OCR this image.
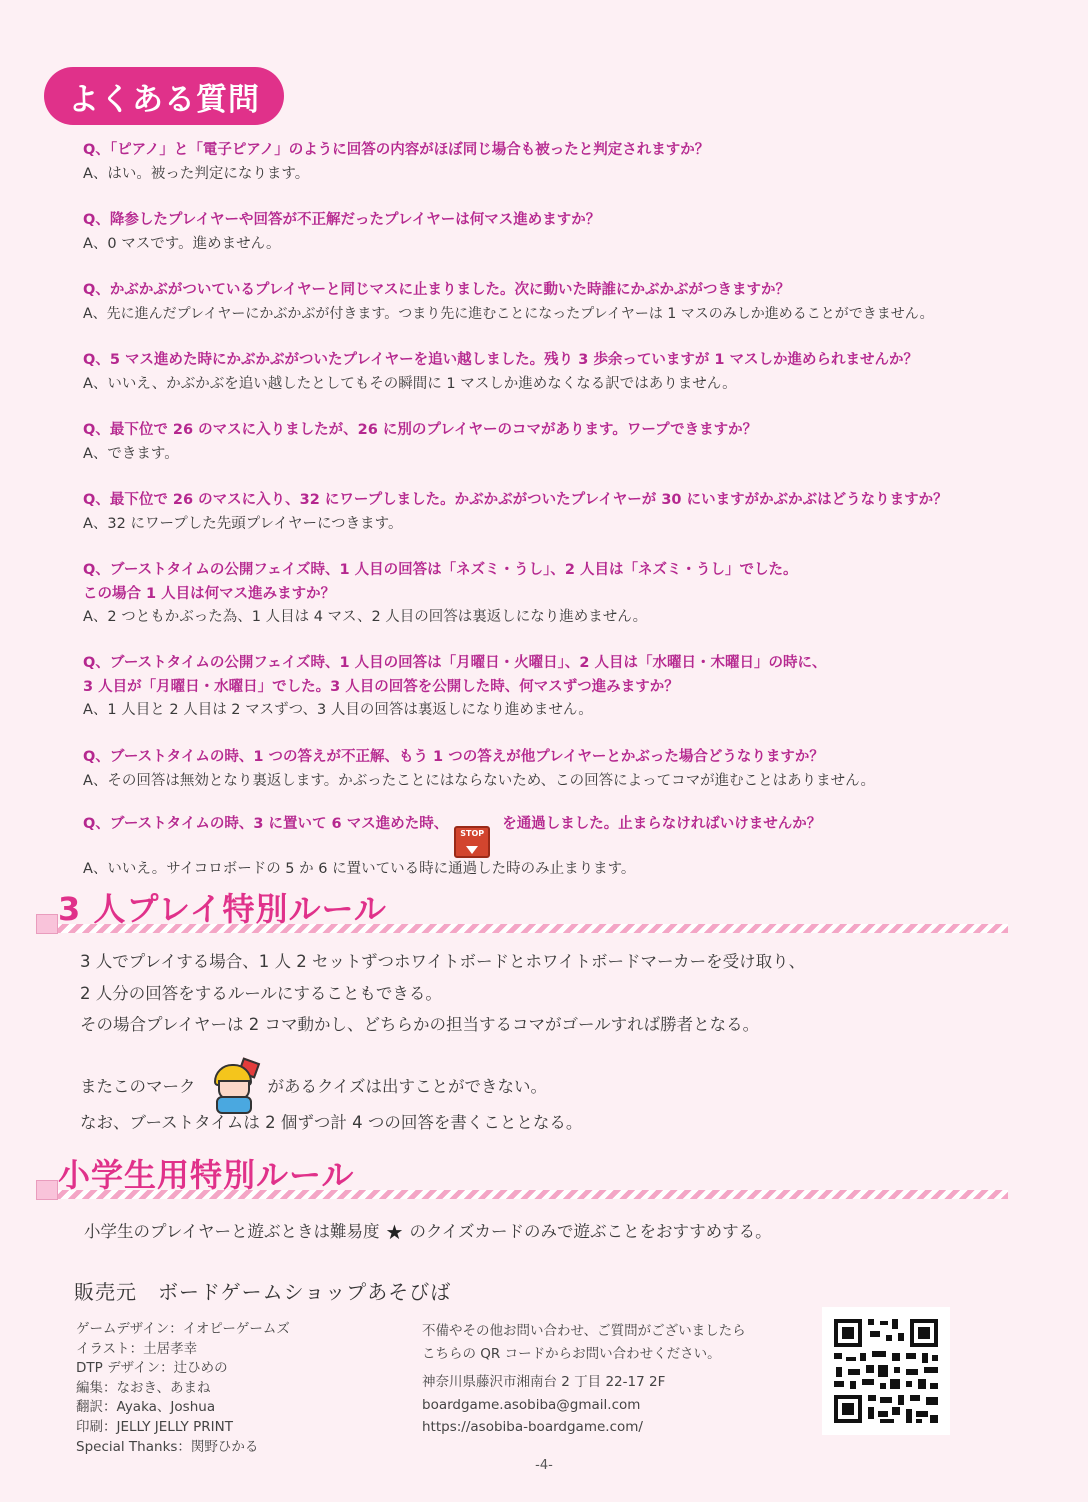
よくある質問
Q、「ピアノ」と「電子ピアノ」のように回答の内容がほぼ同じ場合も被ったと判定されますか？
A、はい。被った判定になります。
Q、降参したプレイヤーや回答が不正解だったプレイヤーは何マス進めますか？
A、0 マスです。進めません。
Q、かぶかぶがついているプレイヤーと同じマスに止まりました。次に動いた時誰にかぶかぶがつきますか？
A、先に進んだプレイヤーにかぶかぶが付きます。つまり先に進むことになったプレイヤーは 1 マスのみしか進めることができません。
Q、5 マス進めた時にかぶかぶがついたプレイヤーを追い越しました。残り 3 歩余っていますが 1 マスしか進められませんか？
A、いいえ、かぶかぶを追い越したとしてもその瞬間に 1 マスしか進めなくなる訳ではありません。
Q、最下位で 26 のマスに入りましたが、26 に別のプレイヤーのコマがあります。ワープできますか？
A、できます。
Q、最下位で 26 のマスに入り、32 にワープしました。かぶかぶがついたプレイヤーが 30 にいますがかぶかぶはどうなりますか？
A、32 にワープした先頭プレイヤーにつきます。
Q、ブーストタイムの公開フェイズ時、1 人目の回答は「ネズミ・うし」、2 人目は「ネズミ・うし」でした。
この場合 1 人目は何マス進みますか？
A、2 つともかぶった為、1 人目は 4 マス、2 人目の回答は裏返しになり進めません。
Q、ブーストタイムの公開フェイズ時、1 人目の回答は「月曜日・火曜日」、2 人目は「水曜日・木曜日」の時に、
3 人目が「月曜日・水曜日」でした。3 人目の回答を公開した時、何マスずつ進みますか？
A、1 人目と 2 人目は 2 マスずつ、3 人目の回答は裏返しになり進めません。
Q、ブーストタイムの時、1 つの答えが不正解、もう 1 つの答えが他プレイヤーとかぶった場合どうなりますか？
A、その回答は無効となり裏返します。かぶったことにはならないため、この回答によってコマが進むことはありません。
Q、ブーストタイムの時、3 に置いて 6 マス進めた時、STOP
を通過しました。止まらなければいけませんか？
A、いいえ。サイコロボードの 5 か 6 に置いている時に通過した時のみ止まります。
3 人プレイ特別ルール
3 人でプレイする場合、1 人 2 セットずつホワイトボードとホワイトボードマーカーを受け取り、
2 人分の回答をするルールにすることもできる。
その場合プレイヤーは 2 コマ動かし、どちらかの担当するコマがゴールすれば勝者となる。
またこのマーク	があるクイズは出すことができない。
なお、ブーストタイムは 2 個ずつ計 4 つの回答を書くこととなる。
小学生用特別ルール
小学生のプレイヤーと遊ぶときは難易度 ★ のクイズカードのみで遊ぶことをおすすめする。
販売元　ボードゲームショップあそびば
ゲームデザイン：イオピーゲームズ
イラスト：土居孝幸
DTP デザイン：辻ひめの
編集：なおき、あまね
翻訳：Ayaka、Joshua
印刷：JELLY JELLY PRINT
Special Thanks：関野ひかる
不備やその他お問い合わせ、ご質問がございましたら
こちらの QR コードからお問い合わせください。
神奈川県藤沢市湘南台 2 丁目 22-17 2F
boardgame.asobiba@gmail.com
https://asobiba-boardgame.com/
-4-
